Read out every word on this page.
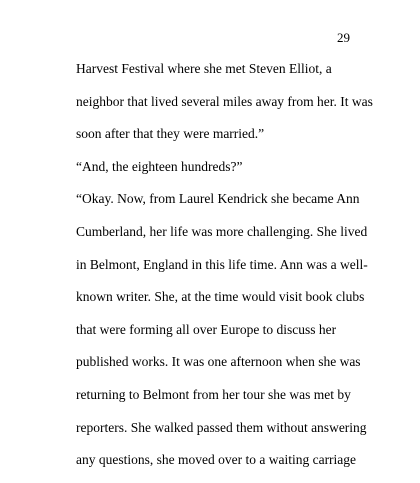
29
Harvest Festival where she met Steven Elliot, a
neighbor that lived several miles away from her. It was
soon after that they were married.”
“And, the eighteen hundreds?”
“Okay. Now, from Laurel Kendrick she became Ann
Cumberland, her life was more challenging. She lived
in Belmont, England in this life time. Ann was a well-
known writer. She, at the time would visit book clubs
that were forming all over Europe to discuss her
published works. It was one afternoon when she was
returning to Belmont from her tour she was met by
reporters. She walked passed them without answering
any questions, she moved over to a waiting carriage
